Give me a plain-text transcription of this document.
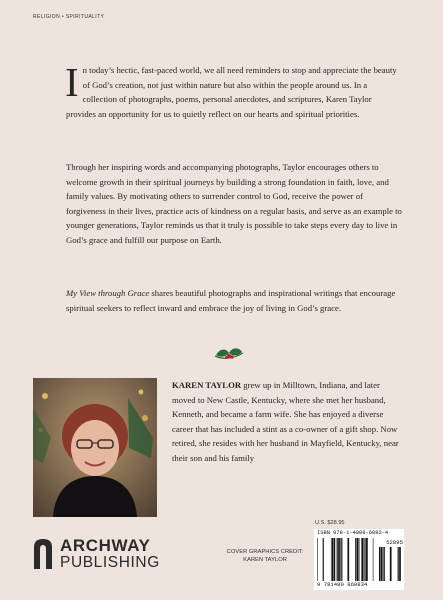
RELIGION • SPIRITUALITY

In today’s hectic, fast-paced world, we all need reminders to stop and appreciate the beauty of God’s creation, not just within nature but also within the people around us. In a collection of photographs, poems, personal anecdotes, and scriptures, Karen Taylor provides an opportunity for us to quietly reflect on our hearts and spiritual priorities.

Through her inspiring words and accompanying photographs, Taylor encourages others to welcome growth in their spiritual journeys by building a strong foundation in faith, love, and family values. By motivating others to surrender control to God, receive the power of forgiveness in their lives, practice acts of kindness on a regular basis, and serve as an example to younger generations, Taylor reminds us that it truly is possible to take steps every day to live in God’s grace and fulfill our purpose on Earth.

My View through Grace shares beautiful photographs and inspirational writings that encourage spiritual seekers to reflect inward and embrace the joy of living in God’s grace.

KAREN TAYLOR grew up in Milltown, Indiana, and later moved to New Castle, Kentucky, where she met her husband, Kenneth, and became a farm wife. She has enjoyed a diverse career that has included a stint as a co-owner of a gift shop. Now retired, she resides with her husband in Mayfield, Kentucky, near their son and his family

ARCHWAY
PUBLISHING
COVER GRAPHICS CREDIT:
KAREN TAYLOR
U.S. $28.95
ISBN 978-1-4808-6083-4
52895
9 781480 860834
